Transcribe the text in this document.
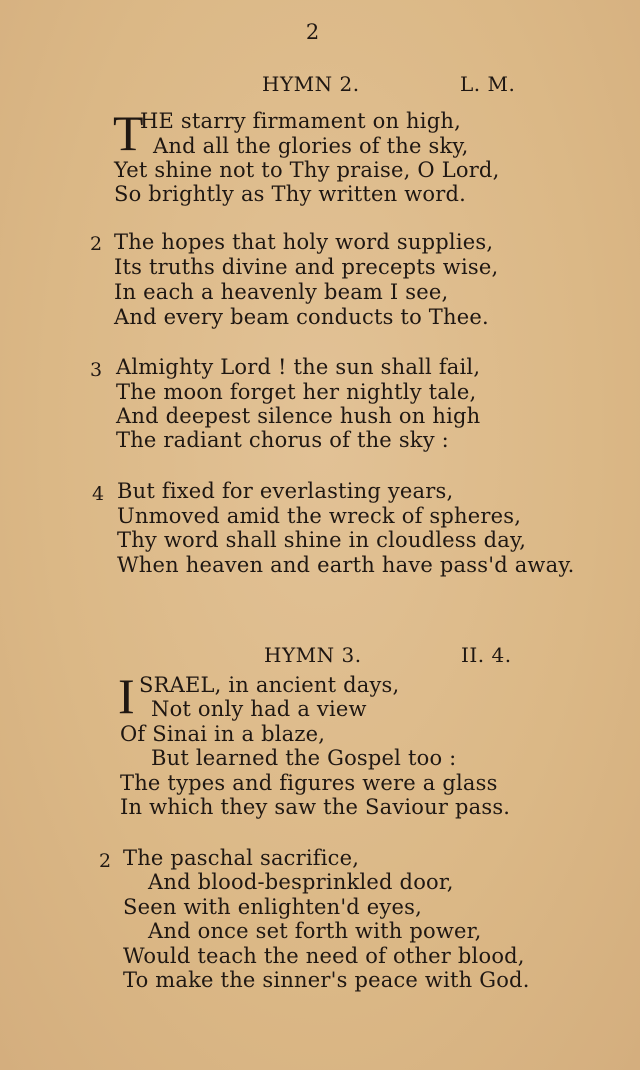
2
HYMN 2.	L. M.
T
HE starry firmament on high,
And all the glories of the sky,
Yet shine not to Thy praise, O Lord,
So brightly as Thy written word.
2 The hopes that holy word supplies,
Its truths divine and precepts wise,
In each a heavenly beam I see,
And every beam conducts to Thee.
3 Almighty Lord ! the sun shall fail,
The moon forget her nightly tale,
And deepest silence hush on high
The radiant chorus of the sky :
4 But fixed for everlasting years,
Unmoved amid the wreck of spheres,
Thy word shall shine in cloudless day,
When heaven and earth have pass'd away.
HYMN 3.	II. 4.
I SRAEL, in ancient days,
Not only had a view
Of Sinai in a blaze,
But learned the Gospel too :
The types and figures were a glass
In which they saw the Saviour pass.
2 The paschal sacrifice,
And blood-besprinkled door,
Seen with enlighten'd eyes,
And once set forth with power,
Would teach the need of other blood,
To make the sinner's peace with God.
